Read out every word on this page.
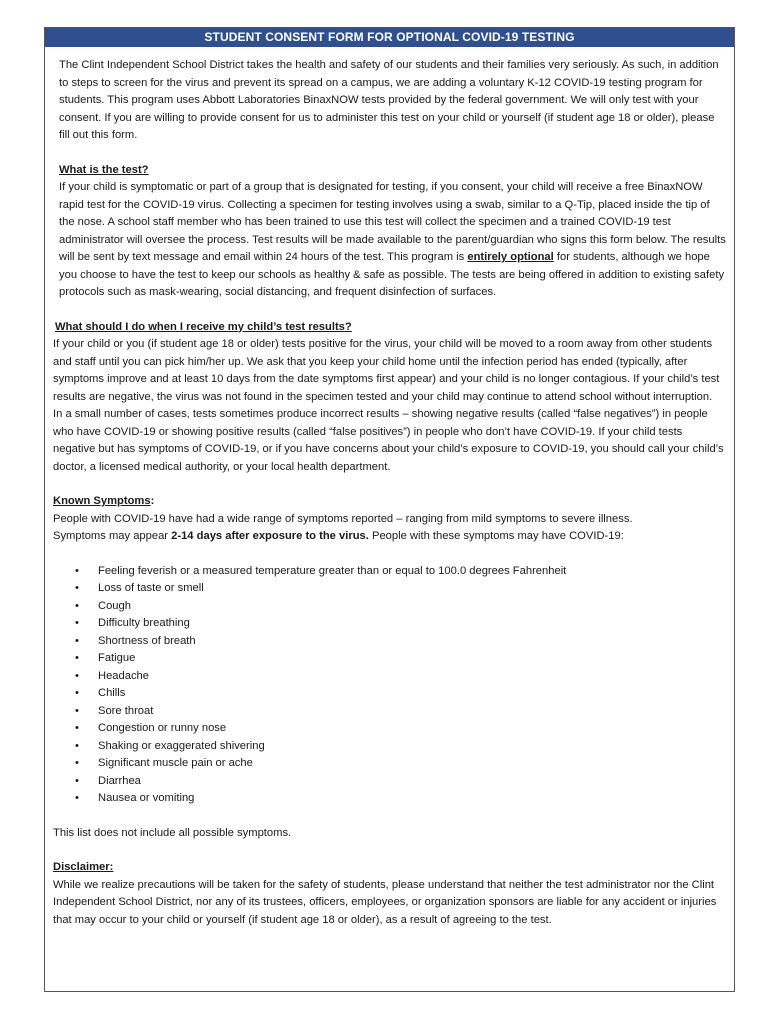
STUDENT CONSENT FORM FOR OPTIONAL COVID-19 TESTING

The Clint Independent School District takes the health and safety of our students and their families very seriously. As such, in addition to steps to screen for the virus and prevent its spread on a campus, we are adding a voluntary K-12 COVID-19 testing program for students. This program uses Abbott Laboratories BinaxNOW tests provided by the federal government. We will only test with your consent. If you are willing to provide consent for us to administer this test on your child or yourself (if student age 18 or older), please fill out this form.

What is the test?

If your child is symptomatic or part of a group that is designated for testing, if you consent, your child will receive a free BinaxNOW rapid test for the COVID-19 virus. Collecting a specimen for testing involves using a swab, similar to a Q-Tip, placed inside the tip of the nose. A school staff member who has been trained to use this test will collect the specimen and a trained COVID-19 test administrator will oversee the process. Test results will be made available to the parent/guardian who signs this form below. The results will be sent by text message and email within 24 hours of the test. This program is entirely optional for students, although we hope you choose to have the test to keep our schools as healthy & safe as possible. The tests are being offered in addition to existing safety protocols such as mask-wearing, social distancing, and frequent disinfection of surfaces.

What should I do when I receive my child’s test results?

If your child or you (if student age 18 or older) tests positive for the virus, your child will be moved to a room away from other students and staff until you can pick him/her up. We ask that you keep your child home until the infection period has ended (typically, after symptoms improve and at least 10 days from the date symptoms first appear) and your child is no longer contagious. If your child’s test results are negative, the virus was not found in the specimen tested and your child may continue to attend school without interruption. In a small number of cases, tests sometimes produce incorrect results – showing negative results (called “false negatives”) in people who have COVID-19 or showing positive results (called “false positives”) in people who don’t have COVID-19. If your child tests negative but has symptoms of COVID-19, or if you have concerns about your child’s exposure to COVID-19, you should call your child’s doctor, a licensed medical authority, or your local health department.

Known Symptoms:

People with COVID-19 have had a wide range of symptoms reported – ranging from mild symptoms to severe illness.

Symptoms may appear 2-14 days after exposure to the virus. People with these symptoms may have COVID-19:

• Feeling feverish or a measured temperature greater than or equal to 100.0 degrees Fahrenheit
• Loss of taste or smell
• Cough
• Difficulty breathing
• Shortness of breath
• Fatigue
• Headache
• Chills
• Sore throat
• Congestion or runny nose
• Shaking or exaggerated shivering
• Significant muscle pain or ache
• Diarrhea
• Nausea or vomiting

This list does not include all possible symptoms.

Disclaimer:

While we realize precautions will be taken for the safety of students, please understand that neither the test administrator nor the Clint Independent School District, nor any of its trustees, officers, employees, or organization sponsors are liable for any accident or injuries that may occur to your child or yourself (if student age 18 or older), as a result of agreeing to the test.
